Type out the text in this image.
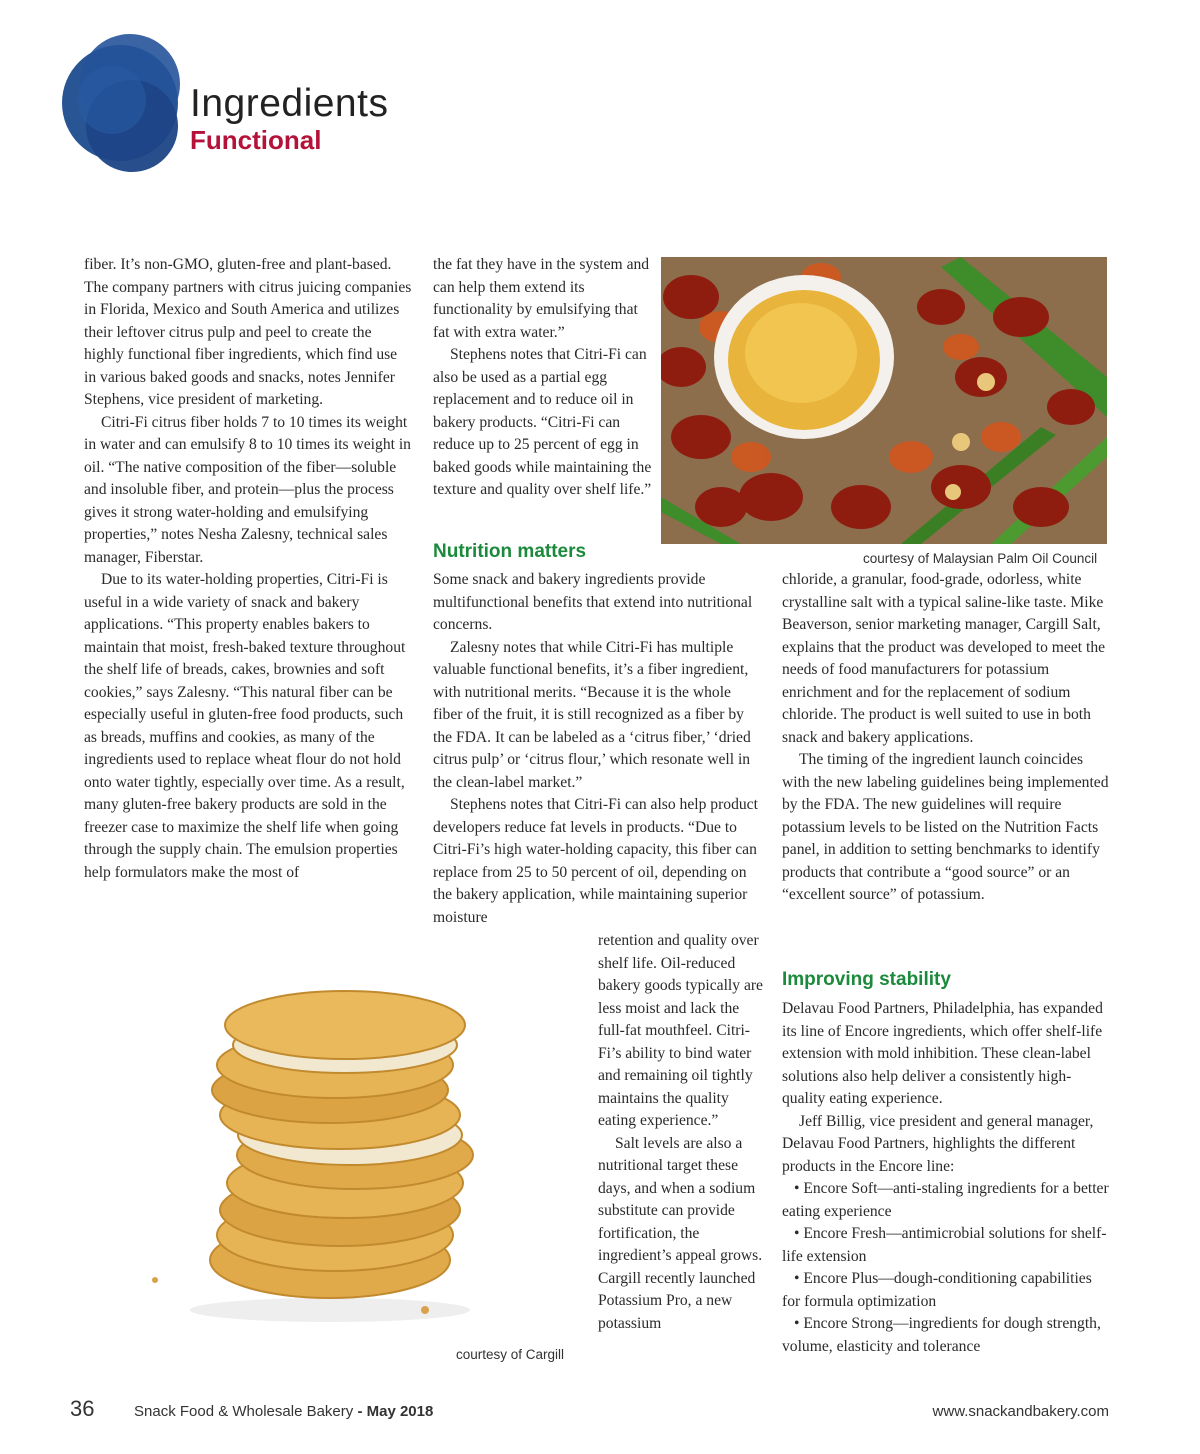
Ingredients
Functional

fiber. It’s non-GMO, gluten-free and plant-based. The company partners with citrus juicing companies in Florida, Mexico and South America and utilizes their leftover citrus pulp and peel to create the highly functional fiber ingredients, which find use in various baked goods and snacks, notes Jennifer Stephens, vice president of marketing.

Citri-Fi citrus fiber holds 7 to 10 times its weight in water and can emulsify 8 to 10 times its weight in oil. “The native composition of the fiber—soluble and insoluble fiber, and protein—plus the process gives it strong water-holding and emulsifying properties,” notes Nesha Zalesny, technical sales manager, Fiberstar.

Due to its water-holding properties, Citri-Fi is useful in a wide variety of snack and bakery applications. “This property enables bakers to maintain that moist, fresh-baked texture throughout the shelf life of breads, cakes, brownies and soft cookies,” says Zalesny. “This natural fiber can be especially useful in gluten-free food products, such as breads, muffins and cookies, as many of the ingredients used to replace wheat flour do not hold onto water tightly, especially over time. As a result, many gluten-free bakery products are sold in the freezer case to maximize the shelf life when going through the supply chain. The emulsion properties help formulators make the most of

the fat they have in the system and can help them extend its functionality by emulsifying that fat with extra water.”

Stephens notes that Citri-Fi can also be used as a partial egg replacement and to reduce oil in bakery products. “Citri-Fi can reduce up to 25 percent of egg in baked goods while maintaining the texture and quality over shelf life.”

courtesy of Malaysian Palm Oil Council
Nutrition matters

Some snack and bakery ingredients provide multifunctional benefits that extend into nutritional concerns.

Zalesny notes that while Citri-Fi has multiple valuable functional benefits, it’s a fiber ingredient, with nutritional merits. “Because it is the whole fiber of the fruit, it is still recognized as a fiber by the FDA. It can be labeled as a ‘citrus fiber,’ ‘dried citrus pulp’ or ‘citrus flour,’ which resonate well in the clean-label market.”

Stephens notes that Citri-Fi can also help product developers reduce fat levels in products. “Due to Citri-Fi’s high water-holding capacity, this fiber can replace from 25 to 50 percent of oil, depending on the bakery application, while maintaining superior moisture

retention and quality over shelf life. Oil-reduced bakery goods typically are less moist and lack the full-fat mouthfeel. Citri-Fi’s ability to bind water and remaining oil tightly maintains the quality eating experience.”

Salt levels are also a nutritional target these days, and when a sodium substitute can provide fortification, the ingredient’s appeal grows. Cargill recently launched Potassium Pro, a new potassium

courtesy of Cargill

chloride, a granular, food-grade, odorless, white crystalline salt with a typical saline-like taste. Mike Beaverson, senior marketing manager, Cargill Salt, explains that the product was developed to meet the needs of food manufacturers for potassium enrichment and for the replacement of sodium chloride. The product is well suited to use in both snack and bakery applications.

The timing of the ingredient launch coincides with the new labeling guidelines being implemented by the FDA. The new guidelines will require potassium levels to be listed on the Nutrition Facts panel, in addition to setting benchmarks to identify products that contribute a “good source” or an “excellent source” of potassium.

Improving stability

Delavau Food Partners, Philadelphia, has expanded its line of Encore ingredients, which offer shelf-life extension with mold inhibition. These clean-label solutions also help deliver a consistently high-quality eating experience.

Jeff Billig, vice president and general manager, Delavau Food Partners, highlights the different products in the Encore line:

• Encore Soft—anti-staling ingredients for a better eating experience

• Encore Fresh—antimicrobial solutions for shelf-life extension

• Encore Plus—dough-conditioning capabilities for formula optimization

• Encore Strong—ingredients for dough strength, volume, elasticity and tolerance

36	Snack Food & Wholesale Bakery - May 2018	www.snackandbakery.com
